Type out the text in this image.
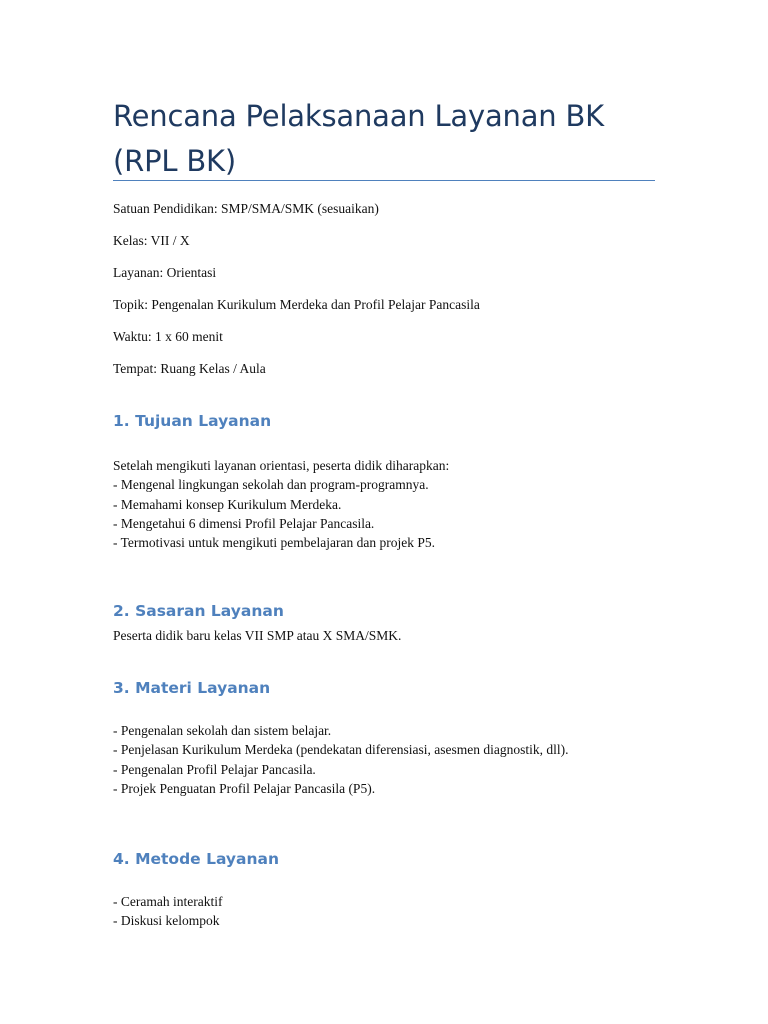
Rencana Pelaksanaan Layanan BK (RPL BK)
Satuan Pendidikan: SMP/SMA/SMK (sesuaikan)
Kelas: VII / X
Layanan: Orientasi
Topik: Pengenalan Kurikulum Merdeka dan Profil Pelajar Pancasila
Waktu: 1 x 60 menit
Tempat: Ruang Kelas / Aula
1. Tujuan Layanan
Setelah mengikuti layanan orientasi, peserta didik diharapkan:
- Mengenal lingkungan sekolah dan program-programnya.
- Memahami konsep Kurikulum Merdeka.
- Mengetahui 6 dimensi Profil Pelajar Pancasila.
- Termotivasi untuk mengikuti pembelajaran dan projek P5.
2. Sasaran Layanan
Peserta didik baru kelas VII SMP atau X SMA/SMK.
3. Materi Layanan
- Pengenalan sekolah dan sistem belajar.
- Penjelasan Kurikulum Merdeka (pendekatan diferensiasi, asesmen diagnostik, dll).
- Pengenalan Profil Pelajar Pancasila.
- Projek Penguatan Profil Pelajar Pancasila (P5).
4. Metode Layanan
- Ceramah interaktif
- Diskusi kelompok
